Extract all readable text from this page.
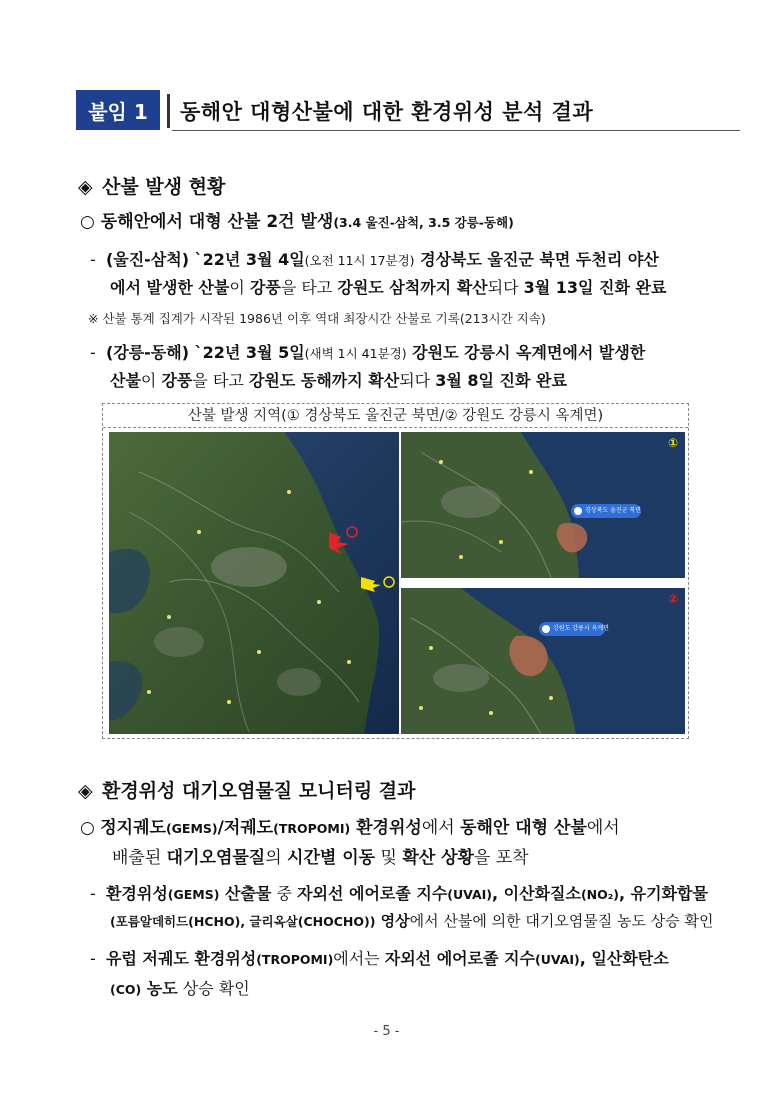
붙임 1	동해안 대형산불에 대한 환경위성 분석 결과
◈ 산불 발생 현황
○ 동해안에서 대형 산불 2건 발생(3.4 울진-삼척, 3.5 강릉-동해)
- (울진-삼척) `22년 3월 4일(오전 11시 17분경) 경상북도 울진군 북면 두천리 야산
에서 발생한 산불이 강풍을 타고 강원도 삼척까지 확산되다 3월 13일 진화 완료
※ 산불 통계 집계가 시작된 1986년 이후 역대 최장시간 산불로 기록(213시간 지속)
- (강릉-동해) `22년 3월 5일(새벽 1시 41분경) 강원도 강릉시 옥계면에서 발생한
산불이 강풍을 타고 강원도 동해까지 확산되다 3월 8일 진화 완료
산불 발생 지역(① 경상북도 울진군 북면/② 강원도 강릉시 옥계면)
경상북도 울진군 북면
①
강원도 강릉시 옥계면
②
◈ 환경위성 대기오염물질 모니터링 결과
○ 정지궤도(GEMS)/저궤도(TROPOMI) 환경위성에서 동해안 대형 산불에서
배출된 대기오염물질의 시간별 이동 및 확산 상황을 포착
- 환경위성(GEMS) 산출물 중 자외선 에어로졸 지수(UVAI), 이산화질소(NO₂), 유기화합물
(포름알데히드(HCHO), 글리옥살(CHOCHO)) 영상에서 산불에 의한 대기오염물질 농도 상승 확인
- 유럽 저궤도 환경위성(TROPOMI)에서는 자외선 에어로졸 지수(UVAI), 일산화탄소
(CO) 농도 상승 확인
- 5 -
